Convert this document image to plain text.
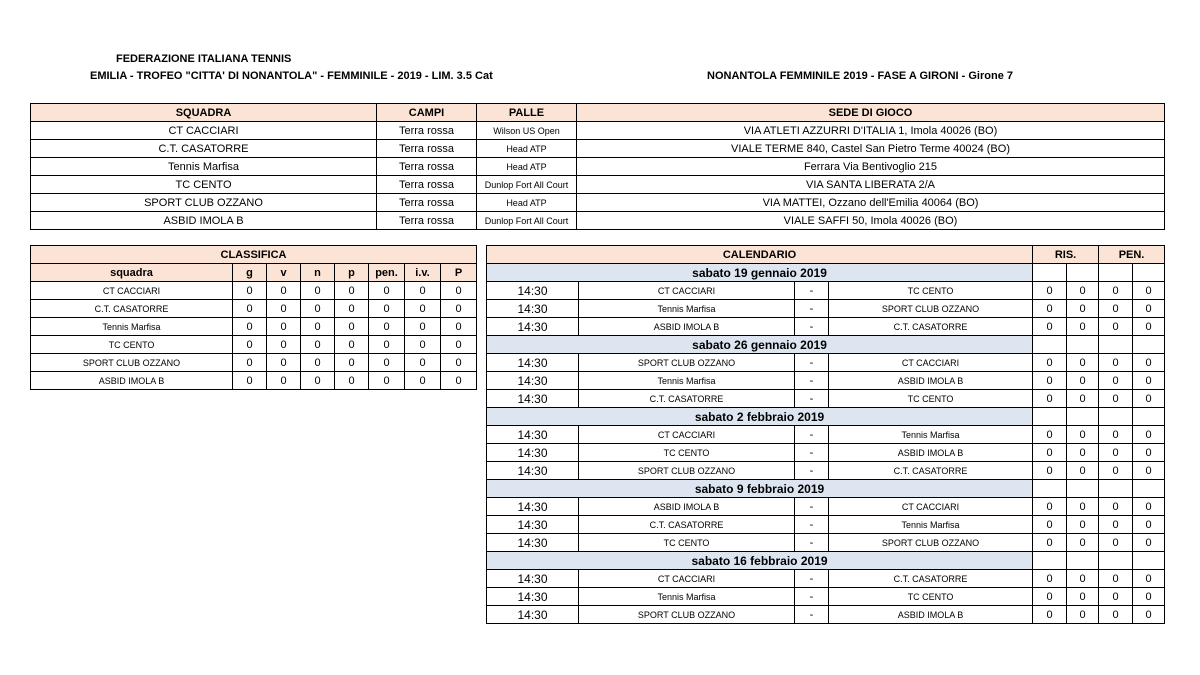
FEDERAZIONE ITALIANA TENNIS
EMILIA - TROFEO "CITTA' DI NONANTOLA" - FEMMINILE - 2019 - LIM. 3.5 Cat	NONANTOLA FEMMINILE 2019 - FASE A GIRONI - Girone 7
SQUADRA	CAMPI	PALLE	SEDE DI GIOCO
CT CACCIARI	Terra rossa	Wilson US Open	VIA ATLETI AZZURRI D'ITALIA 1, Imola 40026 (BO)
C.T. CASATORRE	Terra rossa	Head ATP	VIALE TERME 840, Castel San Pietro Terme 40024 (BO)
Tennis Marfisa	Terra rossa	Head ATP	Ferrara Via Bentivoglio 215
TC CENTO	Terra rossa	Dunlop Fort All Court	VIA SANTA LIBERATA 2/A
SPORT CLUB OZZANO	Terra rossa	Head ATP	VIA MATTEI, Ozzano dell'Emilia 40064 (BO)
ASBID IMOLA B	Terra rossa	Dunlop Fort All Court	VIALE SAFFI 50, Imola 40026 (BO)
CLASSIFICA							
squadra	g	v	n	p	pen.	i.v.	P
CT CACCIARI	0	0	0	0	0	0	0
C.T. CASATORRE	0	0	0	0	0	0	0
Tennis Marfisa	0	0	0	0	0	0	0
TC CENTO	0	0	0	0	0	0	0
SPORT CLUB OZZANO	0	0	0	0	0	0	0
ASBID IMOLA B	0	0	0	0	0	0	0
CALENDARIO				RIS.		PEN.	
sabato 19 gennaio 2019							
14:30	CT CACCIARI	-	TC CENTO	0	0	0	0
14:30	Tennis Marfisa	-	SPORT CLUB OZZANO	0	0	0	0
14:30	ASBID IMOLA B	-	C.T. CASATORRE	0	0	0	0
sabato 26 gennaio 2019							
14:30	SPORT CLUB OZZANO	-	CT CACCIARI	0	0	0	0
14:30	Tennis Marfisa	-	ASBID IMOLA B	0	0	0	0
14:30	C.T. CASATORRE	-	TC CENTO	0	0	0	0
sabato 2 febbraio 2019							
14:30	CT CACCIARI	-	Tennis Marfisa	0	0	0	0
14:30	TC CENTO	-	ASBID IMOLA B	0	0	0	0
14:30	SPORT CLUB OZZANO	-	C.T. CASATORRE	0	0	0	0
sabato 9 febbraio 2019							
14:30	ASBID IMOLA B	-	CT CACCIARI	0	0	0	0
14:30	C.T. CASATORRE	-	Tennis Marfisa	0	0	0	0
14:30	TC CENTO	-	SPORT CLUB OZZANO	0	0	0	0
sabato 16 febbraio 2019							
14:30	CT CACCIARI	-	C.T. CASATORRE	0	0	0	0
14:30	Tennis Marfisa	-	TC CENTO	0	0	0	0
14:30	SPORT CLUB OZZANO	-	ASBID IMOLA B	0	0	0	0
